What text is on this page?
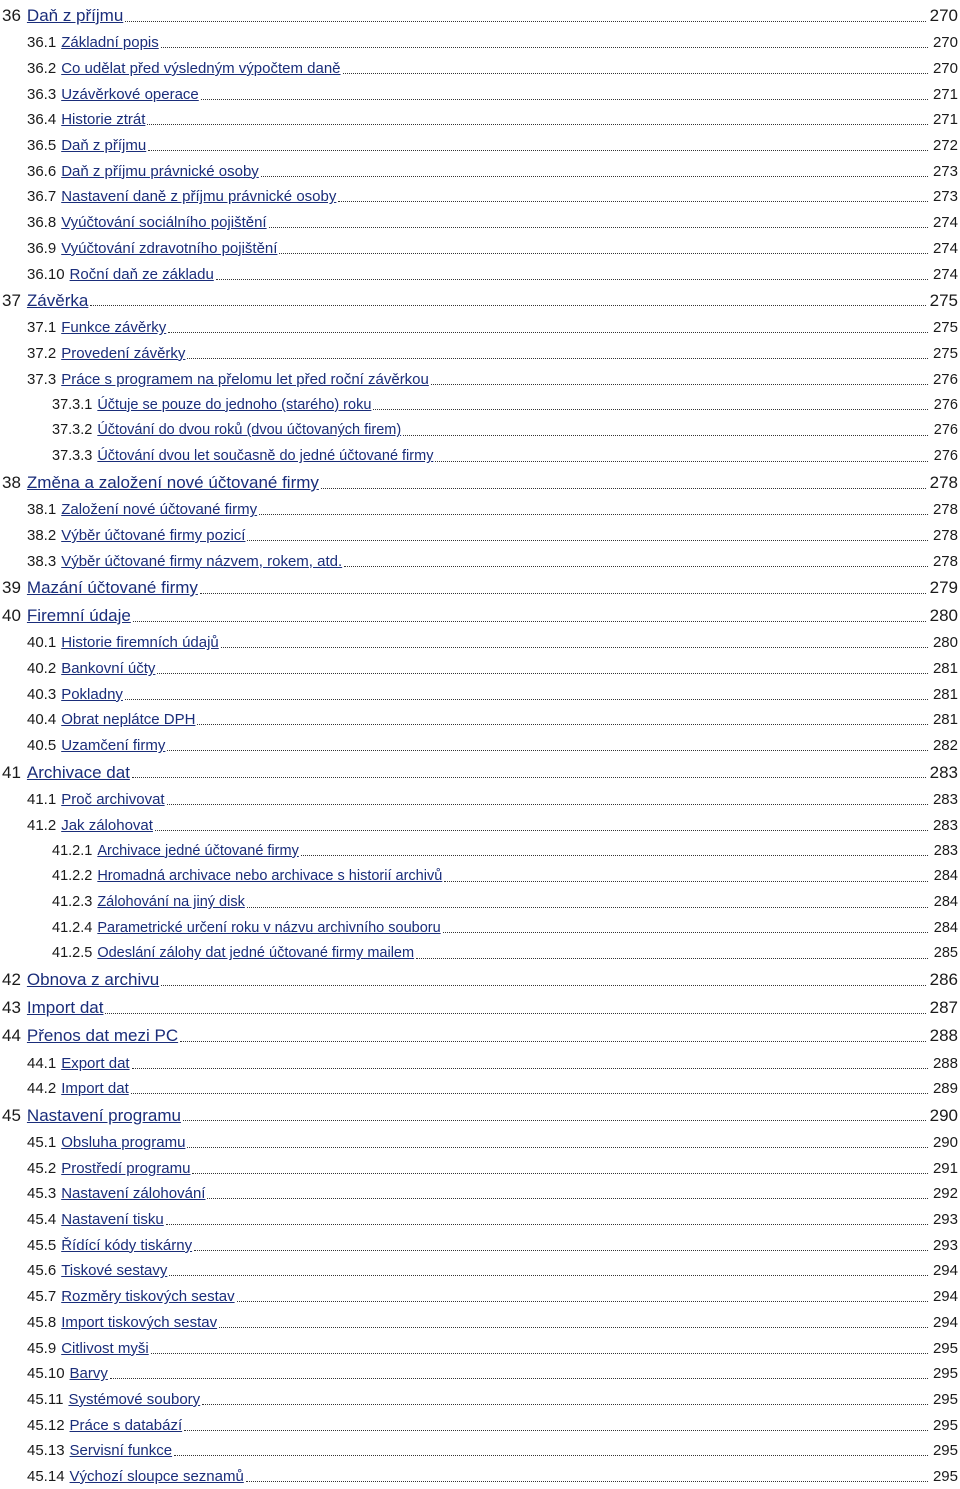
36 Daň z příjmu	270
36.1 Základní popis	270
36.2 Co udělat před výsledným výpočtem daně	270
36.3 Uzávěrkové operace	271
36.4 Historie ztrát	271
36.5 Daň z příjmu	272
36.6 Daň z příjmu právnické osoby	273
36.7 Nastavení daně z příjmu právnické osoby	273
36.8 Vyúčtování sociálního pojištění	274
36.9 Vyúčtování zdravotního pojištění	274
36.10 Roční daň ze základu	274
37 Závěrka	275
37.1 Funkce závěrky	275
37.2 Provedení závěrky	275
37.3 Práce s programem na přelomu let před roční závěrkou	276
37.3.1 Účtuje se pouze do jednoho (starého) roku	276
37.3.2 Účtování do dvou roků (dvou účtovaných firem)	276
37.3.3 Účtování dvou let současně do jedné účtované firmy	276
38 Změna a založení nové účtované firmy	278
38.1 Založení nové účtované firmy	278
38.2 Výběr účtované firmy pozicí	278
38.3 Výběr účtované firmy názvem, rokem, atd.	278
39 Mazání účtované firmy	279
40 Firemní údaje	280
40.1 Historie firemních údajů	280
40.2 Bankovní účty	281
40.3 Pokladny	281
40.4 Obrat neplátce DPH	281
40.5 Uzamčení firmy	282
41 Archivace dat	283
41.1 Proč archivovat	283
41.2 Jak zálohovat	283
41.2.1 Archivace jedné účtované firmy	283
41.2.2 Hromadná archivace nebo archivace s historií archivů	284
41.2.3 Zálohování na jiný disk	284
41.2.4 Parametrické určení roku v názvu archivního souboru	284
41.2.5 Odeslání zálohy dat jedné účtované firmy mailem	285
42 Obnova z archivu	286
43 Import dat	287
44 Přenos dat mezi PC	288
44.1 Export dat	288
44.2 Import dat	289
45 Nastavení programu	290
45.1 Obsluha programu	290
45.2 Prostředí programu	291
45.3 Nastavení zálohování	292
45.4 Nastavení tisku	293
45.5 Řídící kódy tiskárny	293
45.6 Tiskové sestavy	294
45.7 Rozměry tiskových sestav	294
45.8 Import tiskových sestav	294
45.9 Citlivost myši	295
45.10 Barvy	295
45.11 Systémové soubory	295
45.12 Práce s databází	295
45.13 Servisní funkce	295
45.14 Výchozí sloupce seznamů	295
